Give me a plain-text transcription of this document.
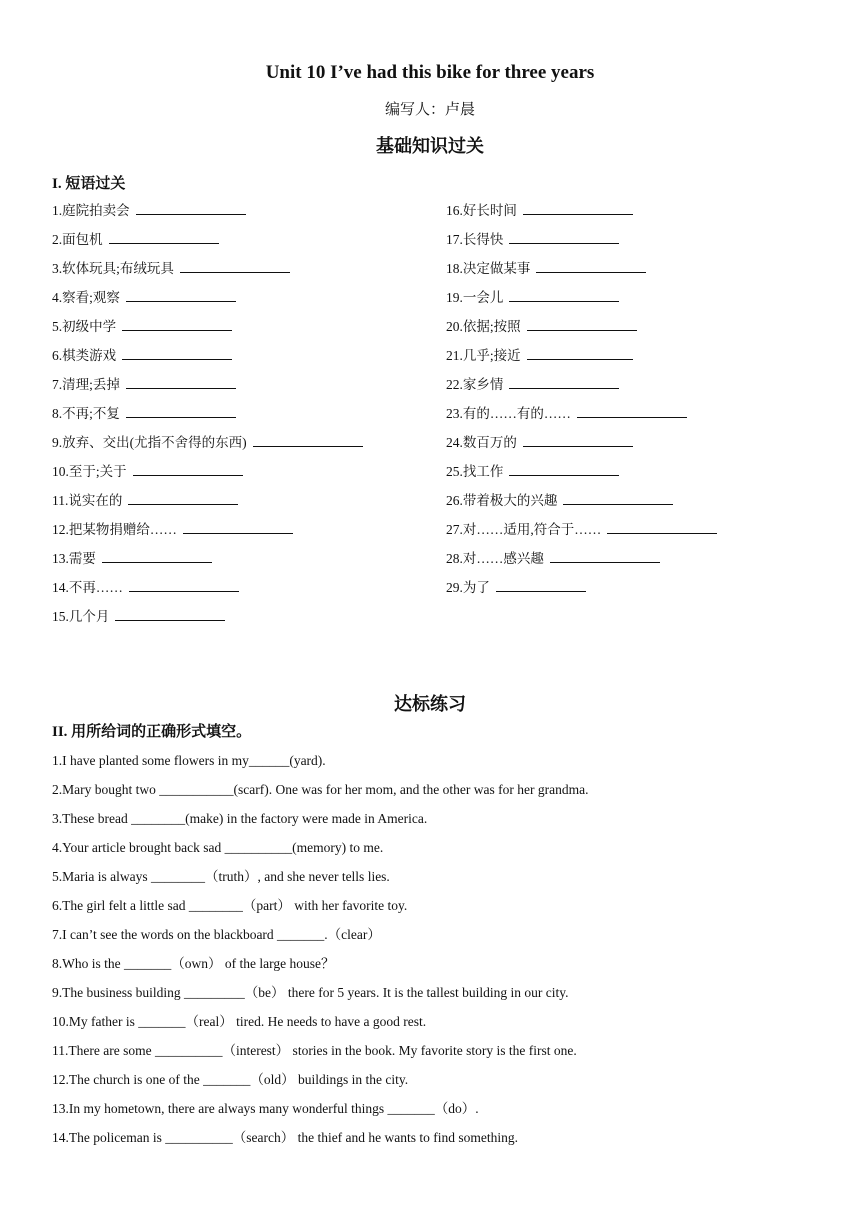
Unit 10 I’ve had this bike for three years
编写人：卢晨
基础知识过关
I. 短语过关
1.庭院拍卖会	16.好长时间
2.面包机	17.长得快
3.软体玩具;布绒玩具	18.决定做某事
4.察看;观察	19.一会儿
5.初级中学	20.依据;按照
6.棋类游戏	21.几乎;接近
7.清理;丢掉	22.家乡情
8.不再;不复	23.有的……有的……
9.放弃、交出(尤指不舍得的东西)	24.数百万的
10.至于;关于	25.找工作
11.说实在的	26.带着极大的兴趣
12.把某物捐赠给……	27.对……适用,符合于……
13.需要	28.对……感兴趣
14.不再……	29.为了
15.几个月
达标练习
II. 用所给词的正确形式填空。
1.I have planted some flowers in my______(yard).
2.Mary bought two ___________(scarf). One was for her mom, and the other was for her grandma.
3.These bread ________(make) in the factory were made in America.
4.Your article brought back sad __________(memory) to me.
5.Maria is always ________（truth）, and she never tells lies.
6.The girl felt a little sad ________（part） with her favorite toy.
7.I can’t see the words on the blackboard _______.（clear）
8.Who is the _______（own） of the large house？
9.The business building _________（be） there for 5 years. It is the tallest building in our city.
10.My father is _______（real） tired. He needs to have a good rest.
11.There are some __________（interest） stories in the book. My favorite story is the first one.
12.The church is one of the _______（old） buildings in the city.
13.In my hometown, there are always many wonderful things _______（do）.
14.The policeman is __________（search） the thief and he wants to find something.
